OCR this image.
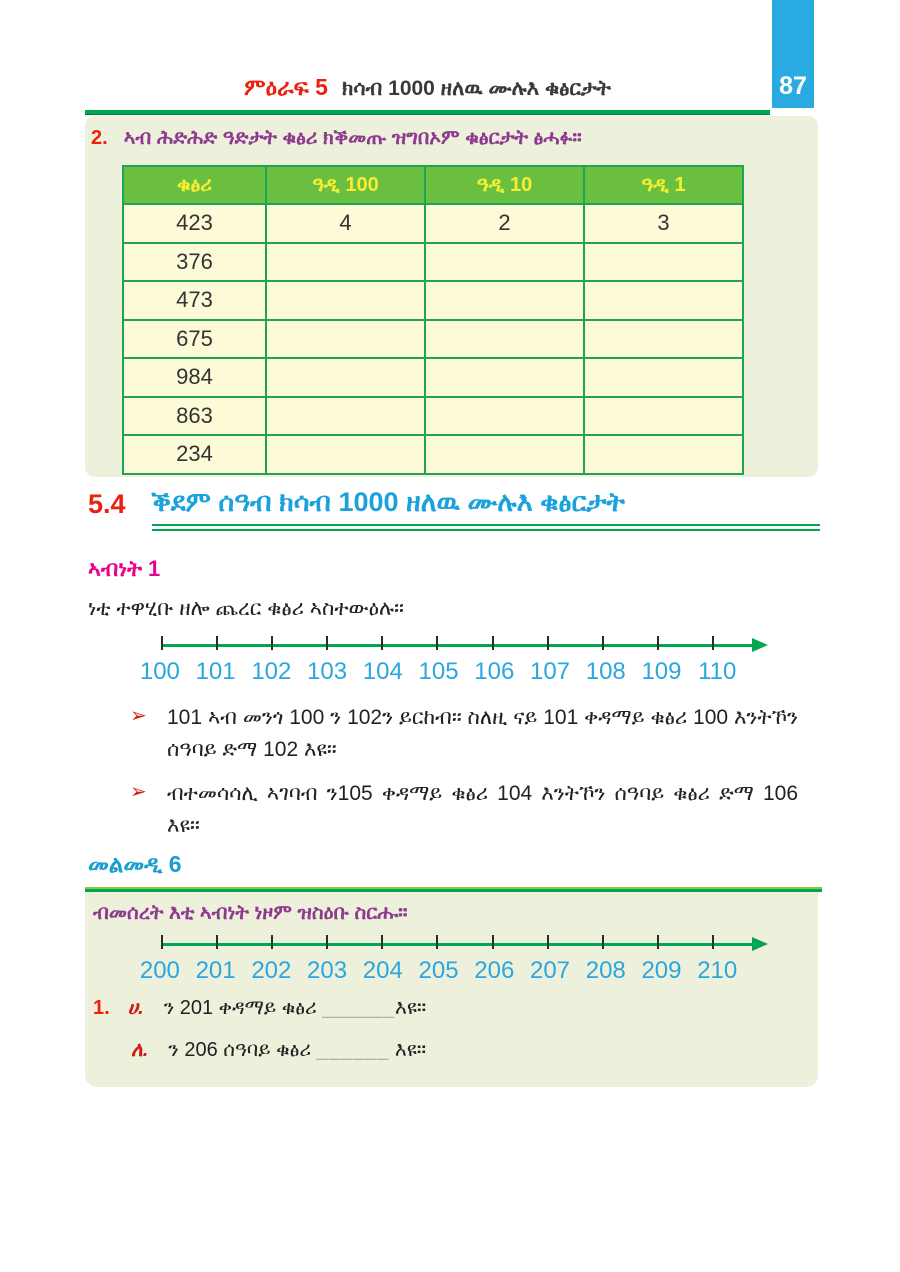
87
ምዕራፍ 5 ክሳብ 1000 ዘለዉ ሙሉእ ቁፅርታት
2. ኣብ ሕድሕድ ዓድታት ቁፅሪ ክቕመጡ ዝግበኦም ቁፅርታት ፅሓፉ።
ቁፅሪ	ዓዲ 100	ዓዲ 10	ዓዲ 1
423	4	2	3
376			
473			
675			
984			
863			
234			
5.4 ቕደም ሰዓብ ክሳብ 1000 ዘለዉ ሙሉእ ቁፅርታት
ኣብነት 1
ነቲ ተዋሂቡ ዘሎ ጨረር ቁፅሪ ኣስተውዕሉ።
100 101 102 103 104 105 106 107 108 109 110
➢ 101 ኣብ መንጎ 100 ን 102ን ይርከብ። ስለዚ ናይ 101 ቀዳማይ ቁፅሪ 100 እንትኾን ሰዓባይ ድማ 102 እዩ።
➢ ብተመሳሳሊ ኣገባብ ን105 ቀዳማይ ቁፅሪ 104 እንትኾን ሰዓባይ ቁፅሪ ድማ 106 እዩ።
መልመዲ 6
ብመሰረት እቲ ኣብነት ነዞም ዝስዕቡ ስርሑ።
200 201 202 203 204 205 206 207 208 209 210
1. ሀ. ን 201 ቀዳማይ ቁፅሪ ______እዩ።
ለ. ን 206 ሰዓባይ ቁፅሪ ______ እዩ።
